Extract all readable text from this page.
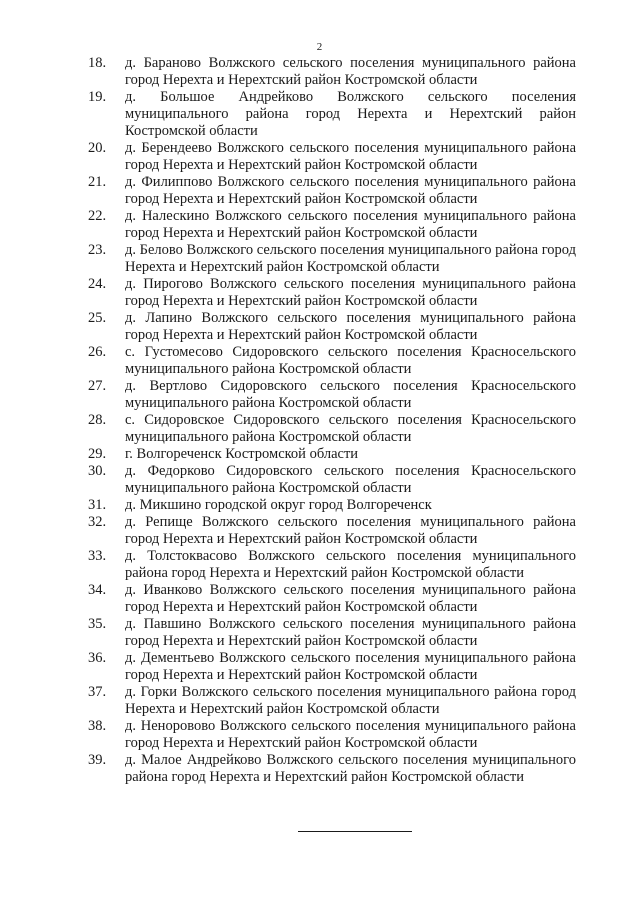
2
18.	д. Бараново Волжского сельского поселения муниципального района город Нерехта и Нерехтский район Костромской области
19.	д. Большое Андрейково Волжского сельского поселения муниципального района город Нерехта и Нерехтский район Костромской области
20.	д. Берендеево Волжского сельского поселения муниципального района город Нерехта и Нерехтский район Костромской области
21.	д. Филиппово Волжского сельского поселения муниципального района город Нерехта и Нерехтский район Костромской области
22.	д. Налескино Волжского сельского поселения муниципального района город Нерехта и Нерехтский район Костромской области
23.	д. Белово Волжского сельского поселения муниципального района город Нерехта и Нерехтский район Костромской области
24.	д. Пирогово Волжского сельского поселения муниципального района город Нерехта и Нерехтский район Костромской области
25.	д. Лапино Волжского сельского поселения муниципального района город Нерехта и Нерехтский район Костромской области
26.	с. Густомесово Сидоровского сельского поселения Красносельского муниципального района Костромской области
27.	д. Вертлово Сидоровского сельского поселения Красносельского муниципального района Костромской области
28.	с. Сидоровское Сидоровского сельского поселения Красносельского муниципального района Костромской области
29.	г. Волгореченск Костромской области
30.	д. Федорково Сидоровского сельского поселения Красносельского муниципального района Костромской области
31.	д. Микшино городской округ город Волгореченск
32.	д. Репище Волжского сельского поселения муниципального района город Нерехта и Нерехтский район Костромской области
33.	д. Толстоквасово Волжского сельского поселения муниципального района город Нерехта и Нерехтский район Костромской области
34.	д. Иванково Волжского сельского поселения муниципального района город Нерехта и Нерехтский район Костромской области
35.	д. Павшино Волжского сельского поселения муниципального района город Нерехта и Нерехтский район Костромской области
36.	д. Дементьево Волжского сельского поселения муниципального района город Нерехта и Нерехтский район Костромской области
37.	д. Горки Волжского сельского поселения муниципального района город Нерехта и Нерехтский район Костромской области
38.	д. Неноровово Волжского сельского поселения муниципального района город Нерехта и Нерехтский район Костромской области
39.	д. Малое Андрейково Волжского сельского поселения муниципального района город Нерехта и Нерехтский район Костромской области
